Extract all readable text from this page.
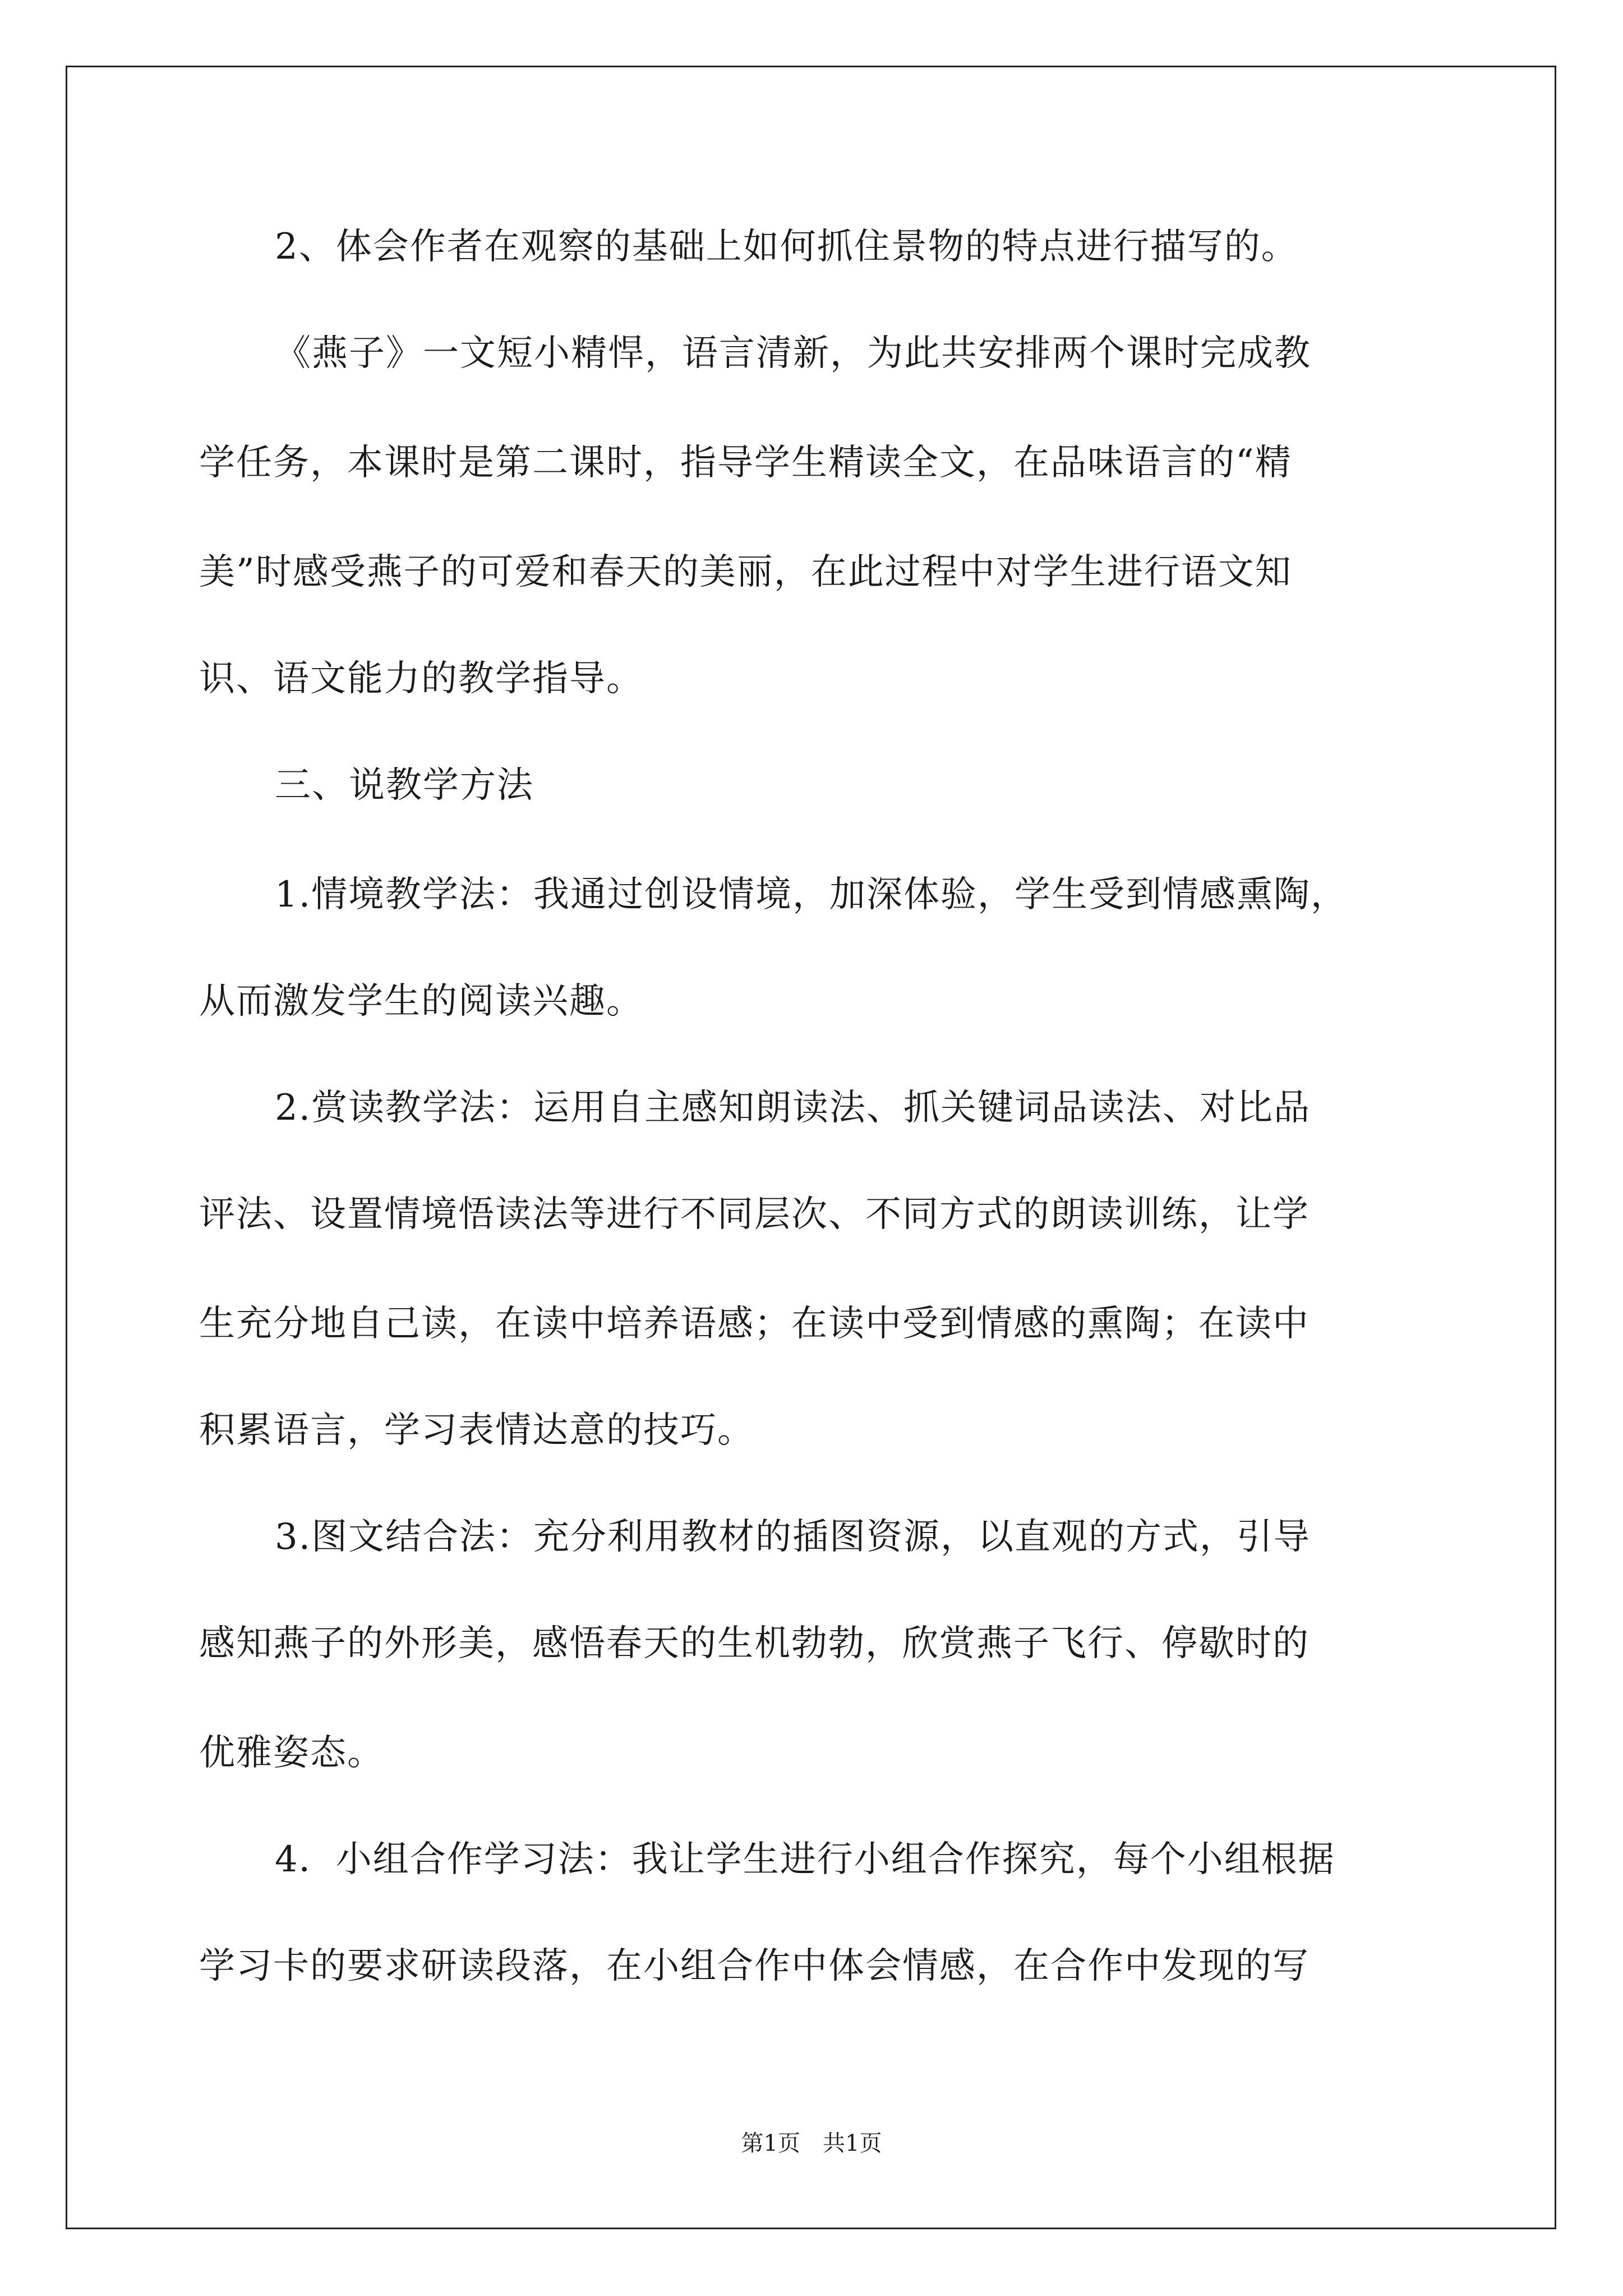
2、体会作者在观察的基础上如何抓住景物的特点进行描写的。
《燕子》一文短小精悍，语言清新，为此共安排两个课时完成教
学任务，本课时是第二课时，指导学生精读全文，在品味语言的“精
美”时感受燕子的可爱和春天的美丽，在此过程中对学生进行语文知
识、语文能力的教学指导。
三、说教学方法
1.情境教学法：我通过创设情境，加深体验，学生受到情感熏陶，
从而激发学生的阅读兴趣。
2.赏读教学法：运用自主感知朗读法、抓关键词品读法、对比品
评法、设置情境悟读法等进行不同层次、不同方式的朗读训练，让学
生充分地自己读，在读中培养语感；在读中受到情感的熏陶；在读中
积累语言，学习表情达意的技巧。
3.图文结合法：充分利用教材的插图资源，以直观的方式，引导
感知燕子的外形美，感悟春天的生机勃勃，欣赏燕子飞行、停歇时的
优雅姿态。
4．小组合作学习法：我让学生进行小组合作探究，每个小组根据
学习卡的要求研读段落，在小组合作中体会情感，在合作中发现的写
第1页　共1页
